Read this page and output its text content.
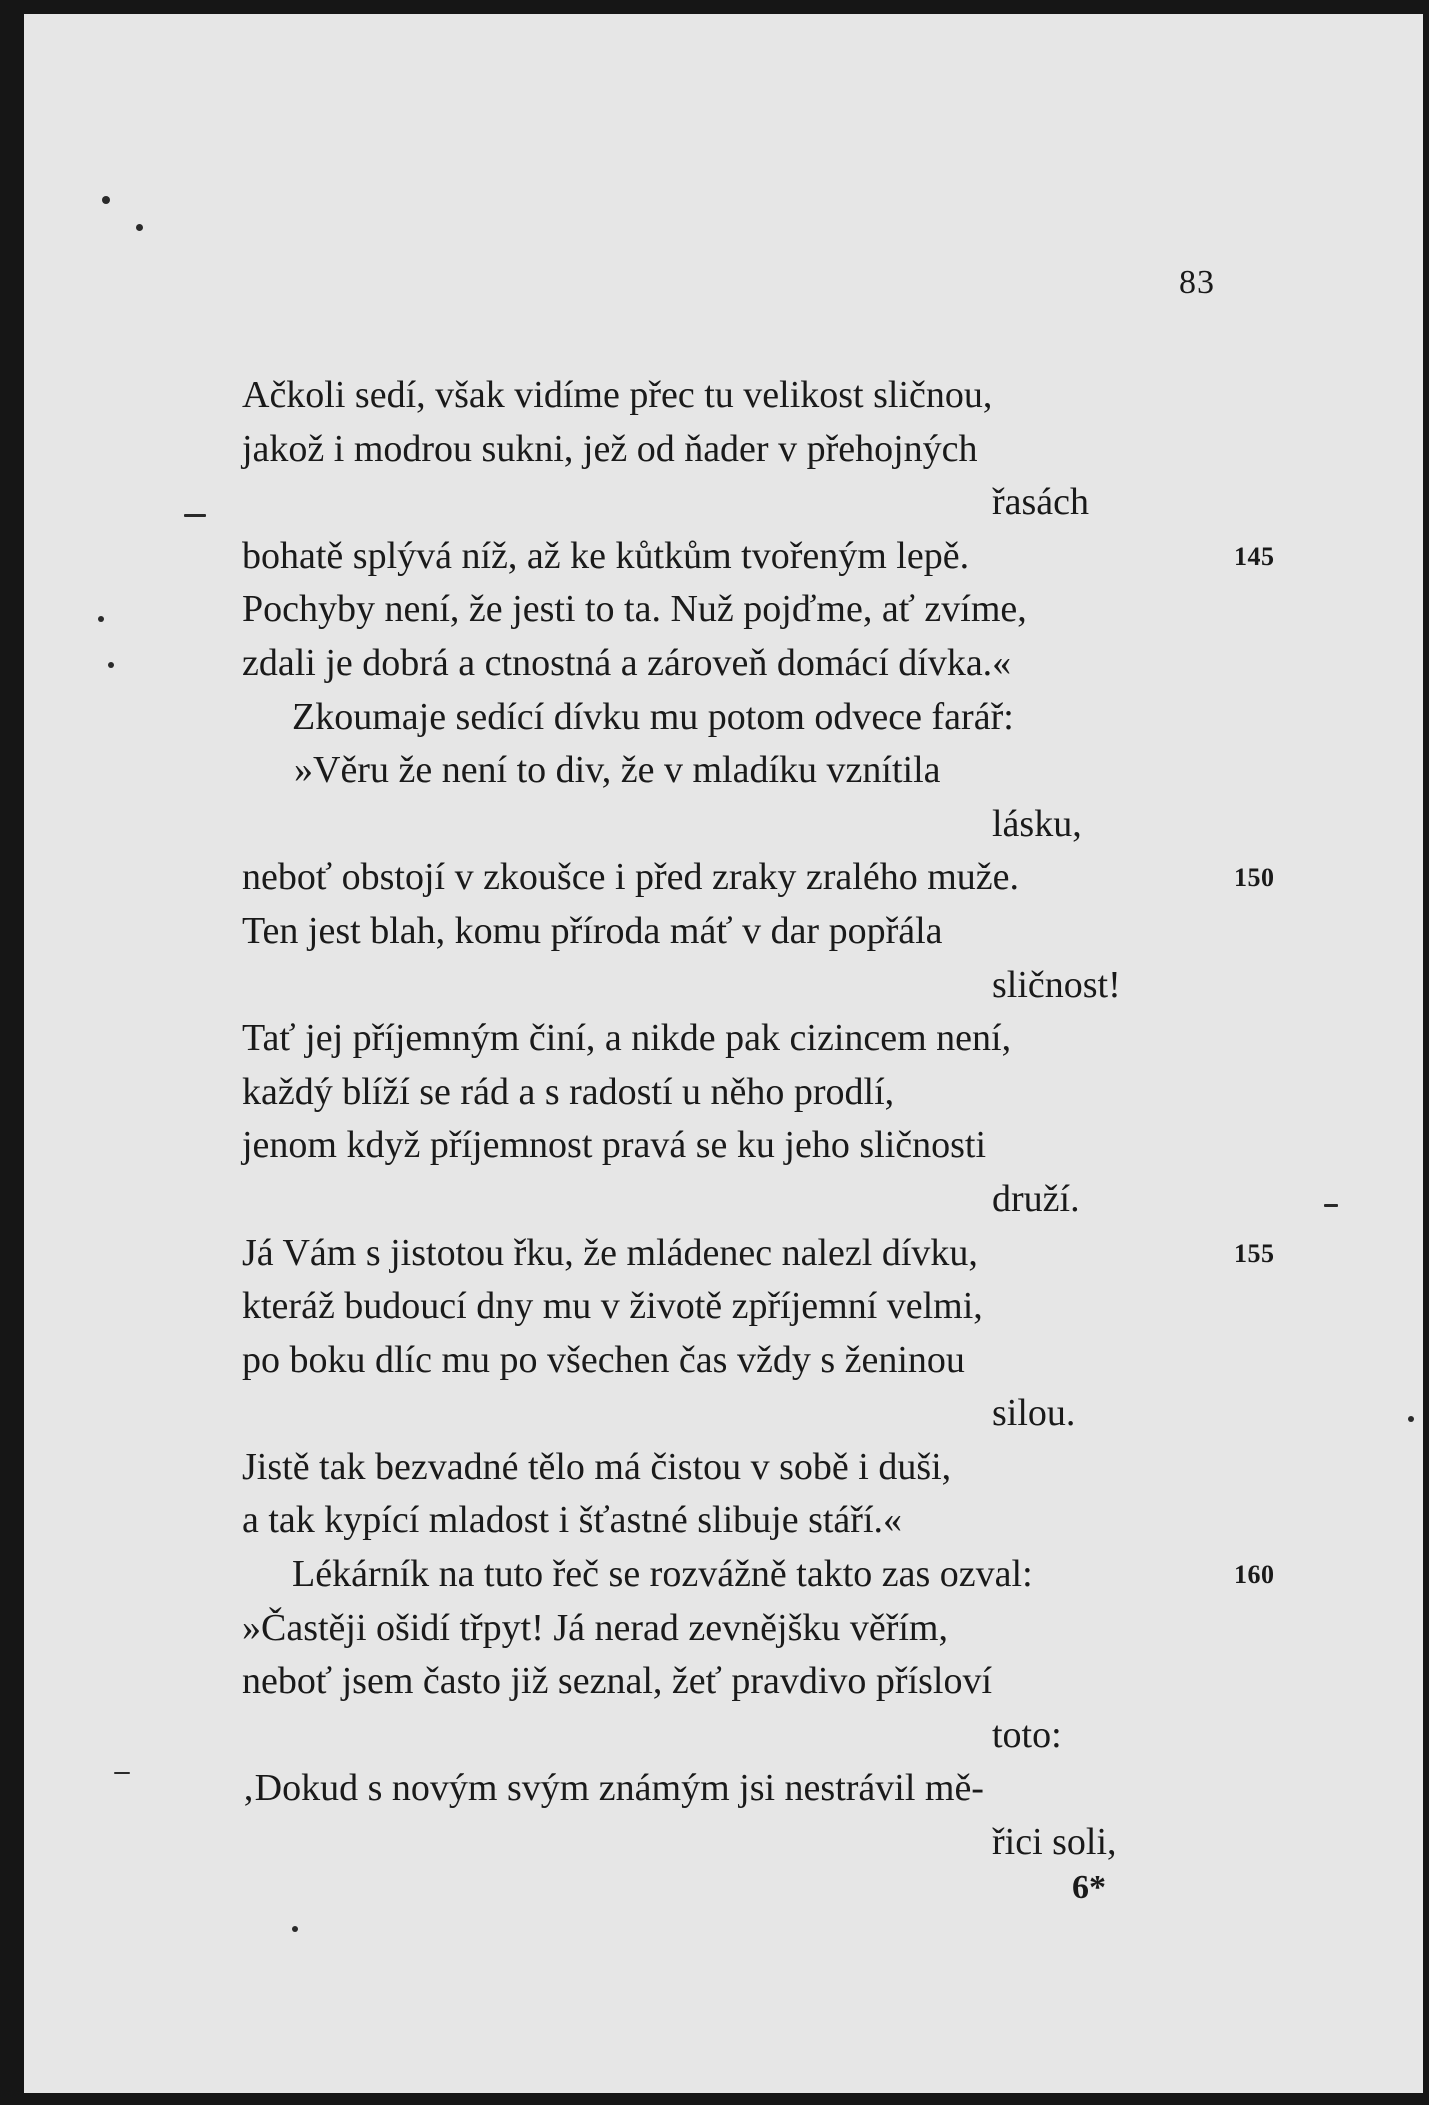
83
Ačkoli sedí, však vidíme přec tu velikost sličnou,
jakož i modrou sukni, jež od ňader v přehojných
řasách
bohatě splývá níž, až ke kůtkům tvořeným lepě.	145
Pochyby není, že jesti to ta. Nuž pojďme, ať zvíme,
zdali je dobrá a ctnostná a zároveň domácí dívka.«
Zkoumaje sedící dívku mu potom odvece farář:
»Věru že není to div, že v mladíku vznítila
lásku,
neboť obstojí v zkoušce i před zraky zralého muže.	150
Ten jest blah, komu příroda máť v dar popřála
sličnost!
Tať jej příjemným činí, a nikde pak cizincem není,
každý blíží se rád a s radostí u něho prodlí,
jenom když příjemnost pravá se ku jeho sličnosti
druží.
Já Vám s jistotou řku, že mládenec nalezl dívku,	155
kteráž budoucí dny mu v životě zpříjemní velmi,
po boku dlíc mu po všechen čas vždy s ženinou
silou.
Jistě tak bezvadné tělo má čistou v sobě i duši,
a tak kypící mladost i šťastné slibuje stáří.«
Lékárník na tuto řeč se rozvážně takto zas ozval:	160
»Častěji ošidí třpyt! Já nerad zevnějšku věřím,
neboť jsem často již seznal, žeť pravdivo přísloví
toto:
‚Dokud s novým svým známým jsi nestrávil mě-
řici soli,
6*
